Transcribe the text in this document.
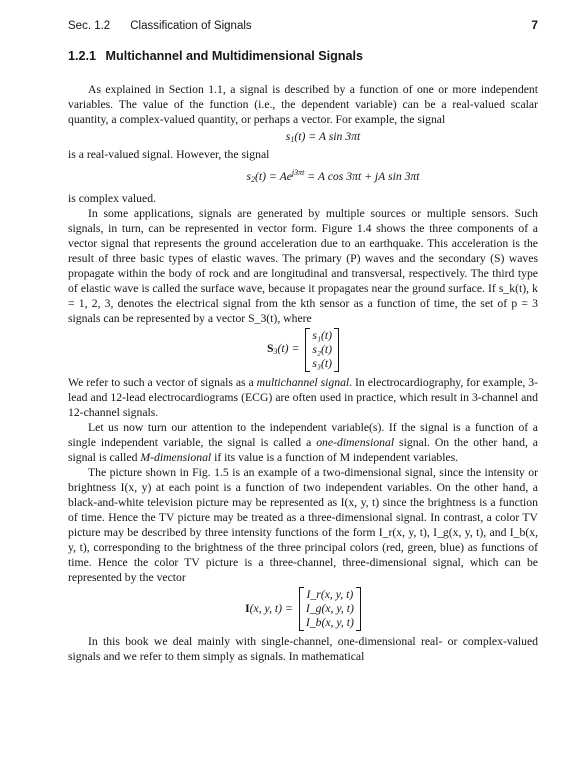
Sec. 1.2 Classification of Signals	7
1.2.1 Multichannel and Multidimensional Signals

As explained in Section 1.1, a signal is described by a function of one or more independent variables. The value of the function (i.e., the dependent variable) can be a real-valued scalar quantity, a complex-valued quantity, or perhaps a vector. For example, the signal

$s_1(t) = A$ sin 3πt

is a real-valued signal. However, the signal

$s_2(t) = Ae^{j3\pi t} = A$ cos 3πt + jA sin 3πt

is complex valued.

In some applications, signals are generated by multiple sources or multiple sensors. Such signals, in turn, can be represented in vector form. Figure 1.4 shows the three components of a vector signal that represents the ground acceleration due to an earthquake. This acceleration is the result of three basic types of elastic waves. The primary (P) waves and the secondary (S) waves propagate within the body of rock and are longitudinal and transversal, respectively. The third type of elastic wave is called the surface wave, because it propagates near the ground surface. If s_k(t), k = 1, 2, 3, denotes the electrical signal from the kth sensor as a function of time, the set of p = 3 signals can be represented by a vector S_3(t), where

$S_3(t)$ =
s₁(t)
s₂(t)
s₃(t)

We refer to such a vector of signals as a multichannel signal. In electrocardiography, for example, 3-lead and 12-lead electrocardiograms (ECG) are often used in practice, which result in 3-channel and 12-channel signals.

Let us now turn our attention to the independent variable(s). If the signal is a function of a single independent variable, the signal is called a one-dimensional signal. On the other hand, a signal is called M-dimensional if its value is a function of M independent variables.

The picture shown in Fig. 1.5 is an example of a two-dimensional signal, since the intensity or brightness I(x, y) at each point is a function of two independent variables. On the other hand, a black-and-white television picture may be represented as I(x, y, t) since the brightness is a function of time. Hence the TV picture may be treated as a three-dimensional signal. In contrast, a color TV picture may be described by three intensity functions of the form I_r(x, y, t), I_g(x, y, t), and I_b(x, y, t), corresponding to the brightness of the three principal colors (red, green, blue) as functions of time. Hence the color TV picture is a three-channel, three-dimensional signal, which can be represented by the vector

I(x, y, t) =
I_r(x, y, t)
I_g(x, y, t)
I_b(x, y, t)

In this book we deal mainly with single-channel, one-dimensional real- or complex-valued signals and we refer to them simply as signals. In mathematical
